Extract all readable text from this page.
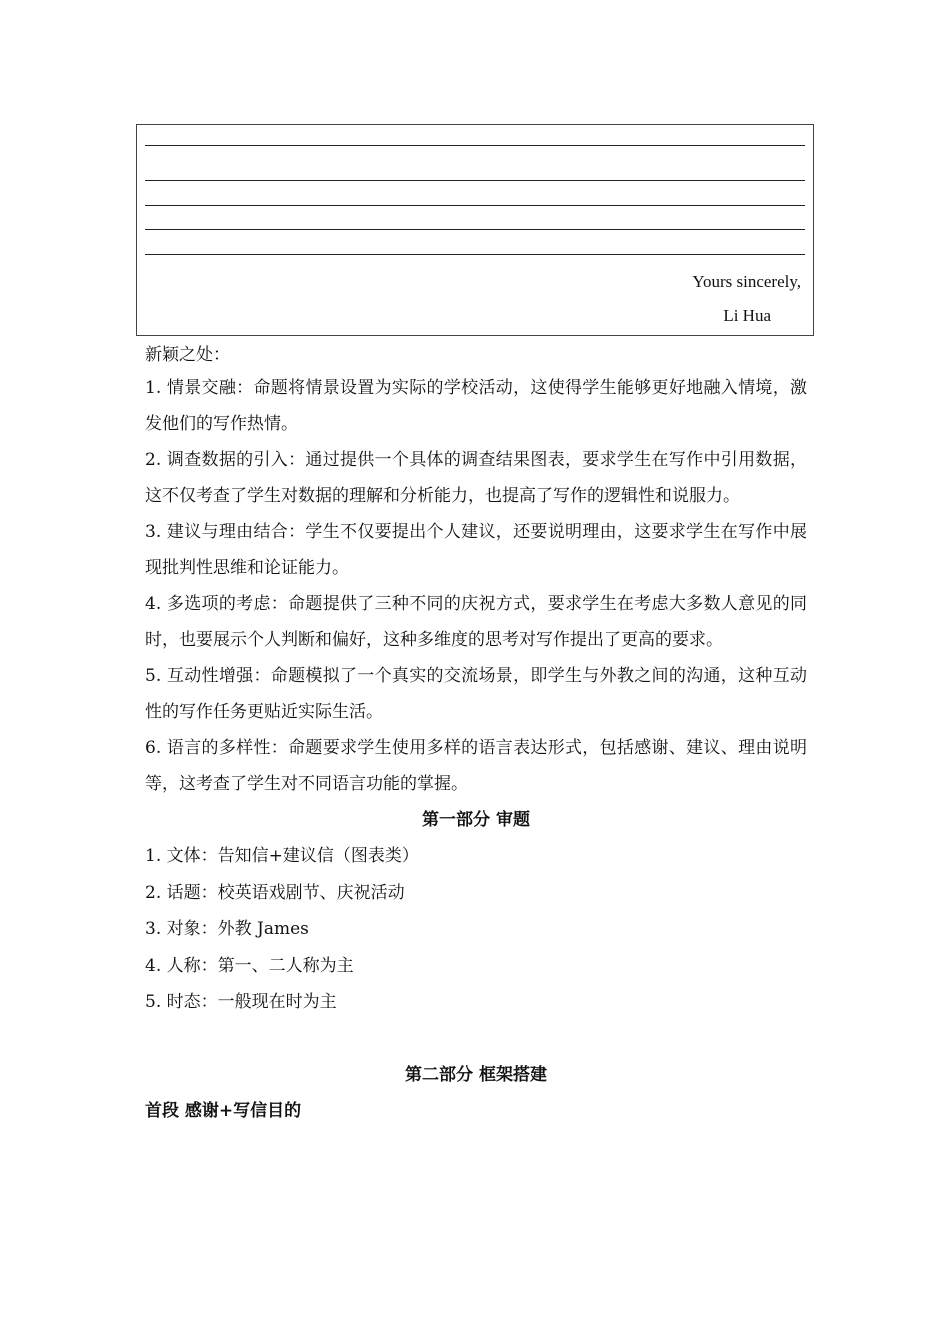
Yours sincerely,
Li Hua
新颖之处：

1. 情景交融：命题将情景设置为实际的学校活动，这使得学生能够更好地融入情境，激发他们的写作热情。

2. 调查数据的引入：通过提供一个具体的调查结果图表，要求学生在写作中引用数据，这不仅考查了学生对数据的理解和分析能力，也提高了写作的逻辑性和说服力。

3. 建议与理由结合：学生不仅要提出个人建议，还要说明理由，这要求学生在写作中展现批判性思维和论证能力。

4. 多选项的考虑：命题提供了三种不同的庆祝方式，要求学生在考虑大多数人意见的同时，也要展示个人判断和偏好，这种多维度的思考对写作提出了更高的要求。

5. 互动性增强：命题模拟了一个真实的交流场景，即学生与外教之间的沟通，这种互动性的写作任务更贴近实际生活。

6. 语言的多样性：命题要求学生使用多样的语言表达形式，包括感谢、建议、理由说明等，这考查了学生对不同语言功能的掌握。

第一部分 审题
1. 文体：告知信+建议信（图表类）
2. 话题：校英语戏剧节、庆祝活动
3. 对象：外教 James
4. 人称：第一、二人称为主
5. 时态：一般现在时为主
第二部分 框架搭建
首段 感谢+写信目的
